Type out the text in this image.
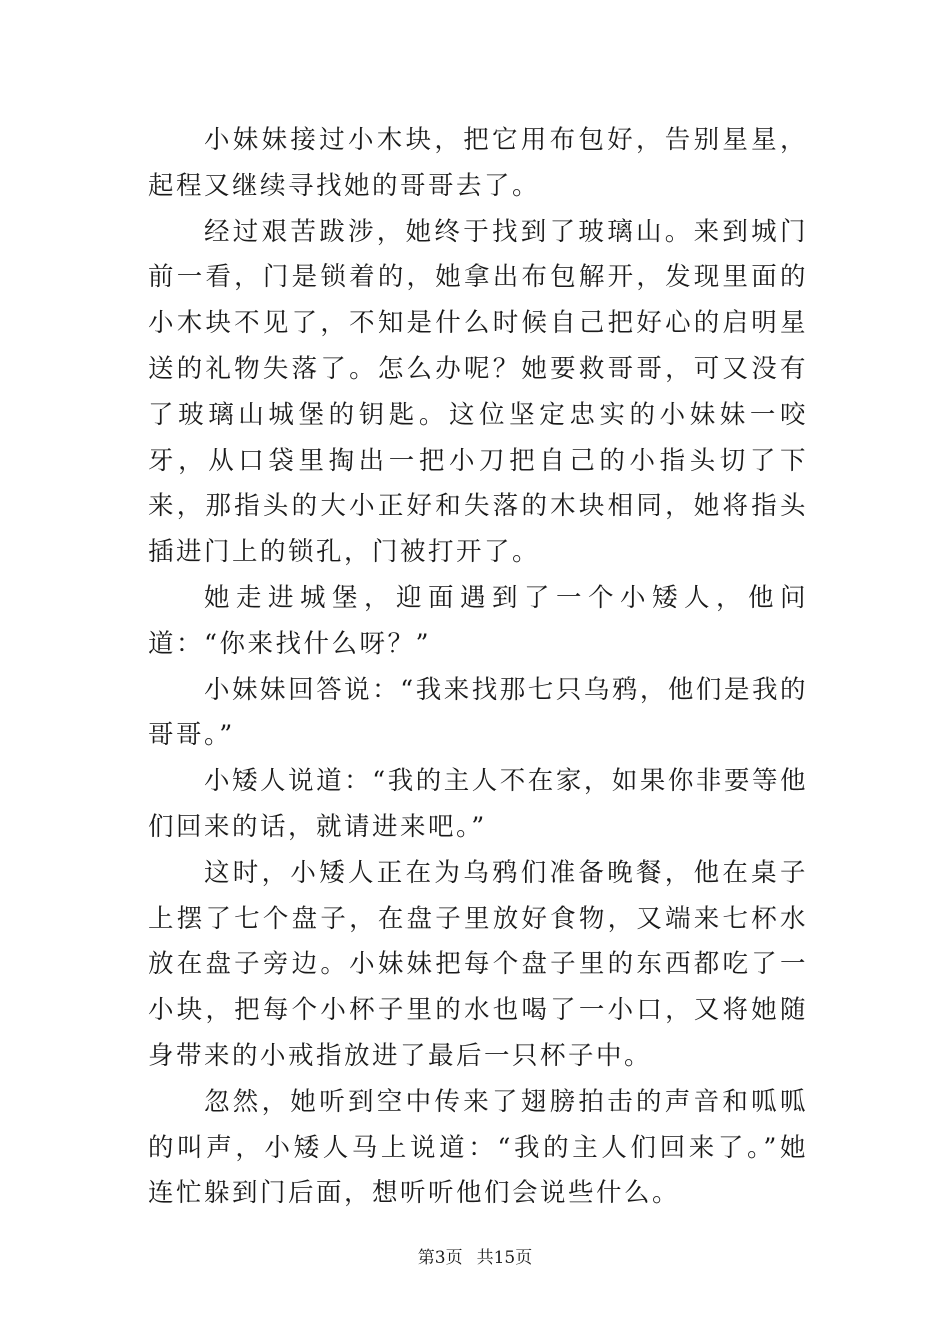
小妹妹接过小木块，把它用布包好，告别星星，起程又继续寻找她的哥哥去了。

经过艰苦跋涉，她终于找到了玻璃山。来到城门前一看，门是锁着的，她拿出布包解开，发现里面的小木块不见了，不知是什么时候自己把好心的启明星送的礼物失落了。怎么办呢？她要救哥哥，可又没有了玻璃山城堡的钥匙。这位坚定忠实的小妹妹一咬牙，从口袋里掏出一把小刀把自己的小指头切了下来，那指头的大小正好和失落的木块相同，她将指头插进门上的锁孔，门被打开了。

她走进城堡，迎面遇到了一个小矮人，他问道：“你来找什么呀？”

小妹妹回答说：“我来找那七只乌鸦，他们是我的哥哥。”

小矮人说道：“我的主人不在家，如果你非要等他们回来的话，就请进来吧。”

这时，小矮人正在为乌鸦们准备晚餐，他在桌子上摆了七个盘子，在盘子里放好食物，又端来七杯水放在盘子旁边。小妹妹把每个盘子里的东西都吃了一小块，把每个小杯子里的水也喝了一小口，又将她随身带来的小戒指放进了最后一只杯子中。

忽然，她听到空中传来了翅膀拍击的声音和呱呱的叫声，小矮人马上说道：“我的主人们回来了。”她连忙躲到门后面，想听听他们会说些什么。

第3页 共15页
